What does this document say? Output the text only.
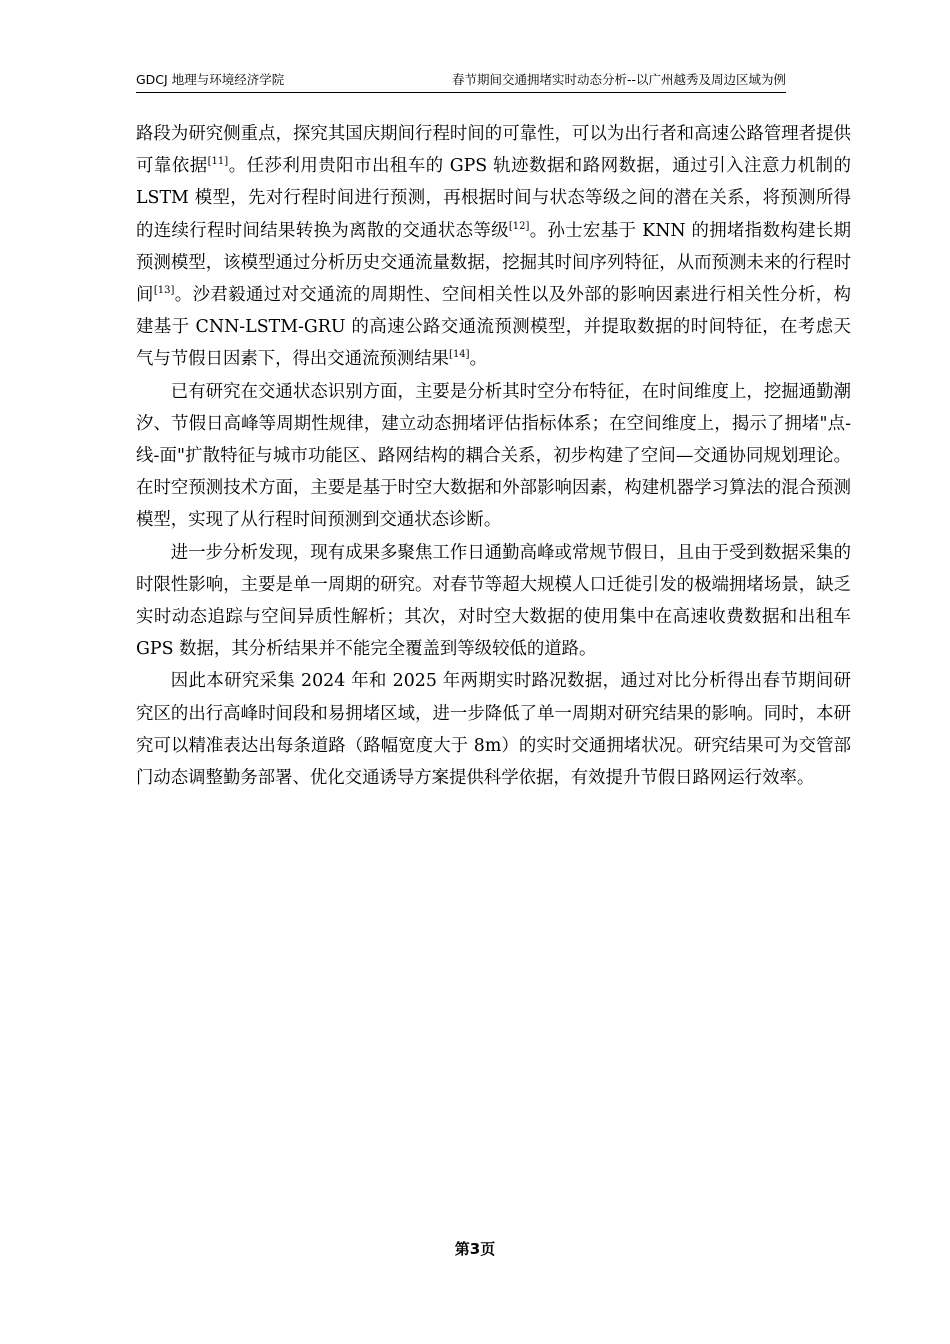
GDCJ 地理与环境经济学院	春节期间交通拥堵实时动态分析--以广州越秀及周边区域为例

路段为研究侧重点，探究其国庆期间行程时间的可靠性，可以为出行者和高速公路管理者提供可靠依据[11]。任莎利用贵阳市出租车的 GPS 轨迹数据和路网数据，通过引入注意力机制的 LSTM 模型，先对行程时间进行预测，再根据时间与状态等级之间的潜在关系，将预测所得的连续行程时间结果转换为离散的交通状态等级[12]。孙士宏基于 KNN 的拥堵指数构建长期预测模型，该模型通过分析历史交通流量数据，挖掘其时间序列特征，从而预测未来的行程时间[13]。沙君毅通过对交通流的周期性、空间相关性以及外部的影响因素进行相关性分析，构建基于 CNN-LSTM-GRU 的高速公路交通流预测模型，并提取数据的时间特征，在考虑天气与节假日因素下，得出交通流预测结果[14]。

已有研究在交通状态识别方面，主要是分析其时空分布特征，在时间维度上，挖掘通勤潮汐、节假日高峰等周期性规律，建立动态拥堵评估指标体系；在空间维度上，揭示了拥堵"点-线-面"扩散特征与城市功能区、路网结构的耦合关系，初步构建了空间—交通协同规划理论。在时空预测技术方面，主要是基于时空大数据和外部影响因素，构建机器学习算法的混合预测模型，实现了从行程时间预测到交通状态诊断。

进一步分析发现，现有成果多聚焦工作日通勤高峰或常规节假日，且由于受到数据采集的时限性影响，主要是单一周期的研究。对春节等超大规模人口迁徙引发的极端拥堵场景，缺乏实时动态追踪与空间异质性解析；其次，对时空大数据的使用集中在高速收费数据和出租车 GPS 数据，其分析结果并不能完全覆盖到等级较低的道路。

因此本研究采集 2024 年和 2025 年两期实时路况数据，通过对比分析得出春节期间研究区的出行高峰时间段和易拥堵区域，进一步降低了单一周期对研究结果的影响。同时，本研究可以精准表达出每条道路（路幅宽度大于 8m）的实时交通拥堵状况。研究结果可为交管部门动态调整勤务部署、优化交通诱导方案提供科学依据，有效提升节假日路网运行效率。

第3页
